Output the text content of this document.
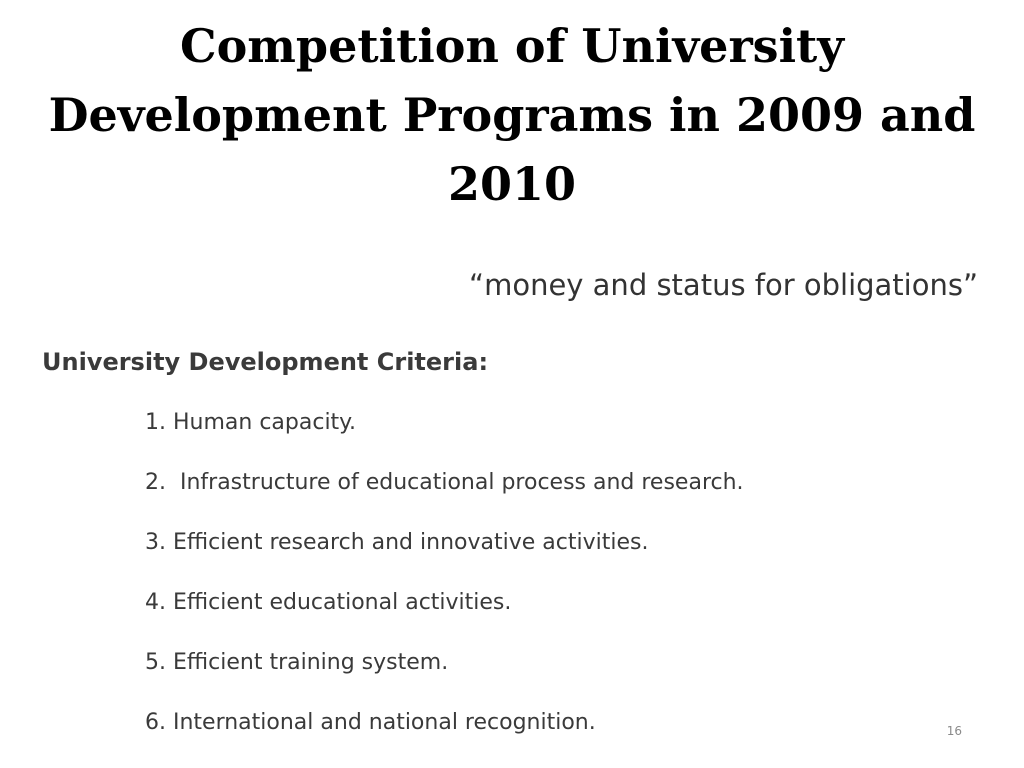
Competition of University Development Programs in 2009 and 2010
“money and status for obligations”
University Development Criteria:
1. Human capacity.
2.  Infrastructure of educational process and research.
3. Efficient research and innovative activities.
4. Efficient educational activities.
5. Efficient training system.
6. International and national recognition.	16
